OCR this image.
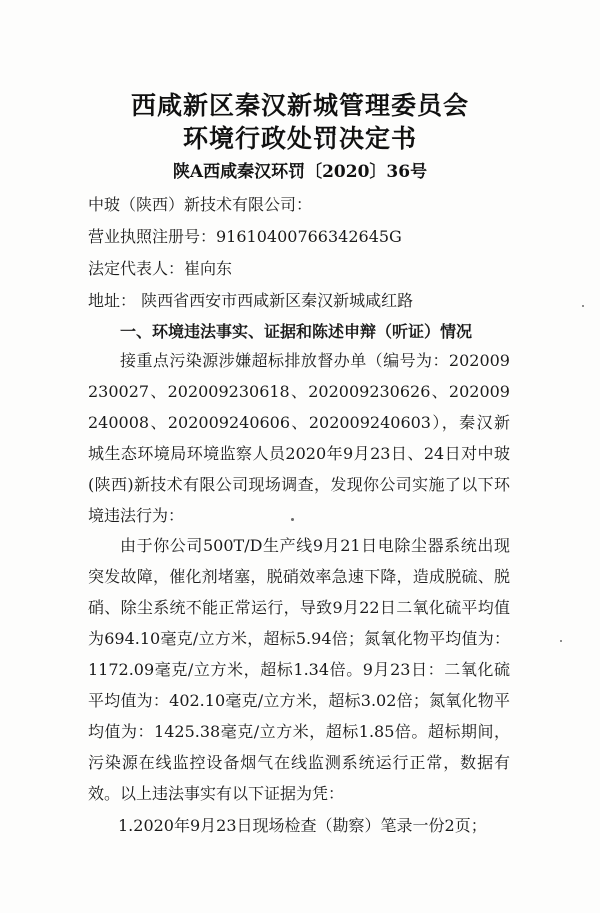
西咸新区秦汉新城管理委员会
环境行政处罚决定书
陕A西咸秦汉环罚〔2020〕36号
中玻（陕西）新技术有限公司：
营业执照注册号：91610400766342645G
法定代表人：崔向东
地址： 陕西省西安市西咸新区秦汉新城咸红路
一、环境违法事实、证据和陈述申辩（听证）情况
接重点污染源涉嫌超标排放督办单（编号为：202009230027、202009230618、202009230626、202009240008、202009240606、202009240603），秦汉新城生态环境局环境监察人员2020年9月23日、24日对中玻(陕西)新技术有限公司现场调查，发现你公司实施了以下环境违法行为：
由于你公司500T/D生产线9月21日电除尘器系统出现突发故障，催化剂堵塞，脱硝效率急速下降，造成脱硫、脱硝、除尘系统不能正常运行，导致9月22日二氧化硫平均值为694.10毫克/立方米，超标5.94倍；氮氧化物平均值为：1172.09毫克/立方米，超标1.34倍。9月23日：二氧化硫平均值为：402.10毫克/立方米，超标3.02倍；氮氧化物平均值为：1425.38毫克/立方米，超标1.85倍。超标期间，污染源在线监控设备烟气在线监测系统运行正常，数据有效。 以上违法事实有以下证据为凭：
1.2020年9月23日现场检查（勘察）笔录一份2页；
